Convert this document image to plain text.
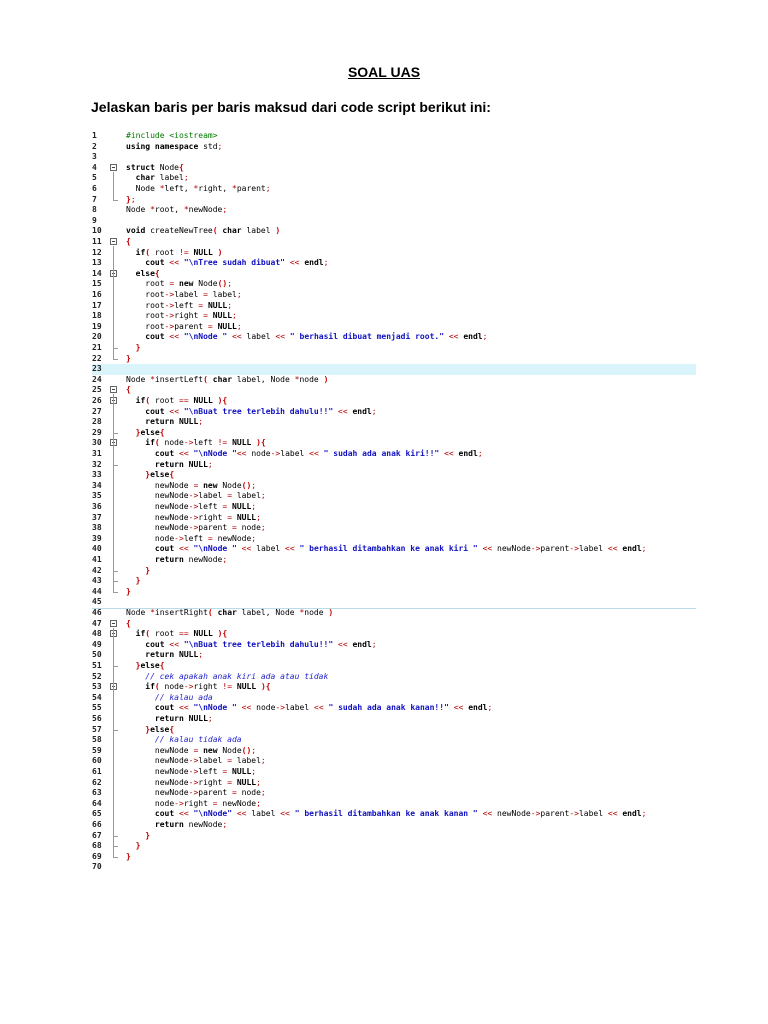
SOAL UAS
Jelaskan baris per baris maksud dari code script berikut ini:
1	#include <iostream>
2	using namespace std;
3
4	struct Node{
5	char label;
6	Node *left, *right, *parent;
7	};
8	Node *root, *newNode;
9
10	void createNewTree( char label )
11	{
12	if( root != NULL )
13	cout << "\nTree sudah dibuat" << endl;
14	else{
15	root = new Node();
16	root->label = label;
17	root->left = NULL;
18	root->right = NULL;
19	root->parent = NULL;
20	cout << "\nNode " << label << " berhasil dibuat menjadi root." << endl;
21	}
22	}
23
24	Node *insertLeft( char label, Node *node )
25	{
26	if( root == NULL ){
27	cout << "\nBuat tree terlebih dahulu!!" << endl;
28	return NULL;
29	}else{
30	if( node->left != NULL ){
31	cout << "\nNode "<< node->label << " sudah ada anak kiri!!" << endl;
32	return NULL;
33	}else{
34	newNode = new Node();
35	newNode->label = label;
36	newNode->left = NULL;
37	newNode->right = NULL;
38	newNode->parent = node;
39	node->left = newNode;
40	cout << "\nNode " << label << " berhasil ditambahkan ke anak kiri " << newNode->parent->label << endl;
41	return newNode;
42	}
43	}
44	}
45
46	Node *insertRight( char label, Node *node )
47	{
48	if( root == NULL ){
49	cout << "\nBuat tree terlebih dahulu!!" << endl;
50	return NULL;
51	}else{
52	// cek apakah anak kiri ada atau tidak
53	if( node->right != NULL ){
54	// kalau ada
55	cout << "\nNode " << node->label << " sudah ada anak kanan!!" << endl;
56	return NULL;
57	}else{
58	// kalau tidak ada
59	newNode = new Node();
60	newNode->label = label;
61	newNode->left = NULL;
62	newNode->right = NULL;
63	newNode->parent = node;
64	node->right = newNode;
65	cout << "\nNode" << label << " berhasil ditambahkan ke anak kanan " << newNode->parent->label << endl;
66	return newNode;
67	}
68	}
69	}
70
